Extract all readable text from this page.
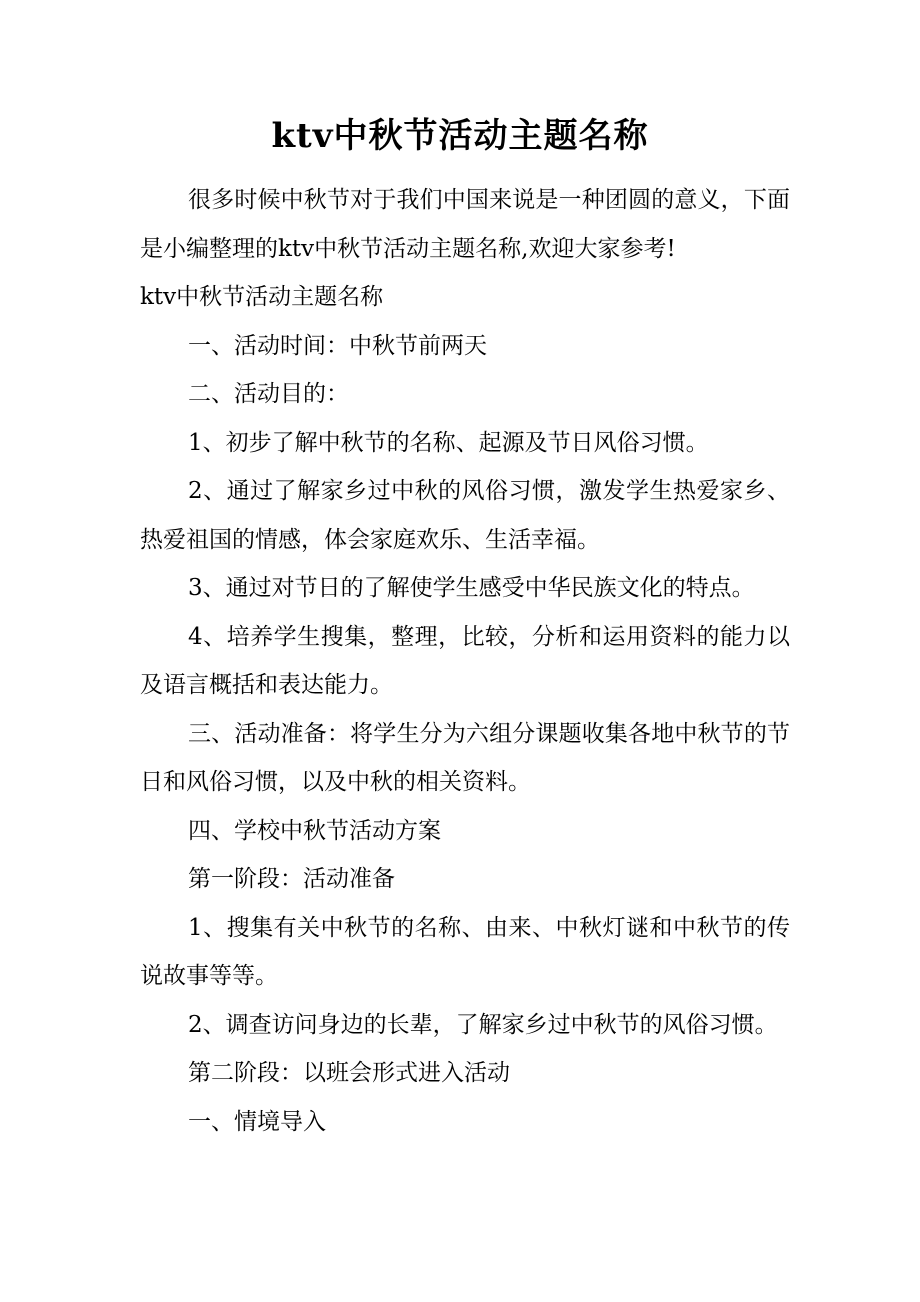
ktv中秋节活动主题名称

很多时候中秋节对于我们中国来说是一种团圆的意义，下面是小编整理的ktv中秋节活动主题名称,欢迎大家参考!

ktv中秋节活动主题名称

一、活动时间：中秋节前两天

二、活动目的：

1、初步了解中秋节的名称、起源及节日风俗习惯。

2、通过了解家乡过中秋的风俗习惯，激发学生热爱家乡、热爱祖国的情感，体会家庭欢乐、生活幸福。

3、通过对节日的了解使学生感受中华民族文化的特点。

4、培养学生搜集，整理，比较，分析和运用资料的能力以及语言概括和表达能力。

三、活动准备：将学生分为六组分课题收集各地中秋节的节日和风俗习惯，以及中秋的相关资料。

四、学校中秋节活动方案

第一阶段：活动准备

1、搜集有关中秋节的名称、由来、中秋灯谜和中秋节的传说故事等等。

2、调查访问身边的长辈，了解家乡过中秋节的风俗习惯。

第二阶段：以班会形式进入活动

一、情境导入
